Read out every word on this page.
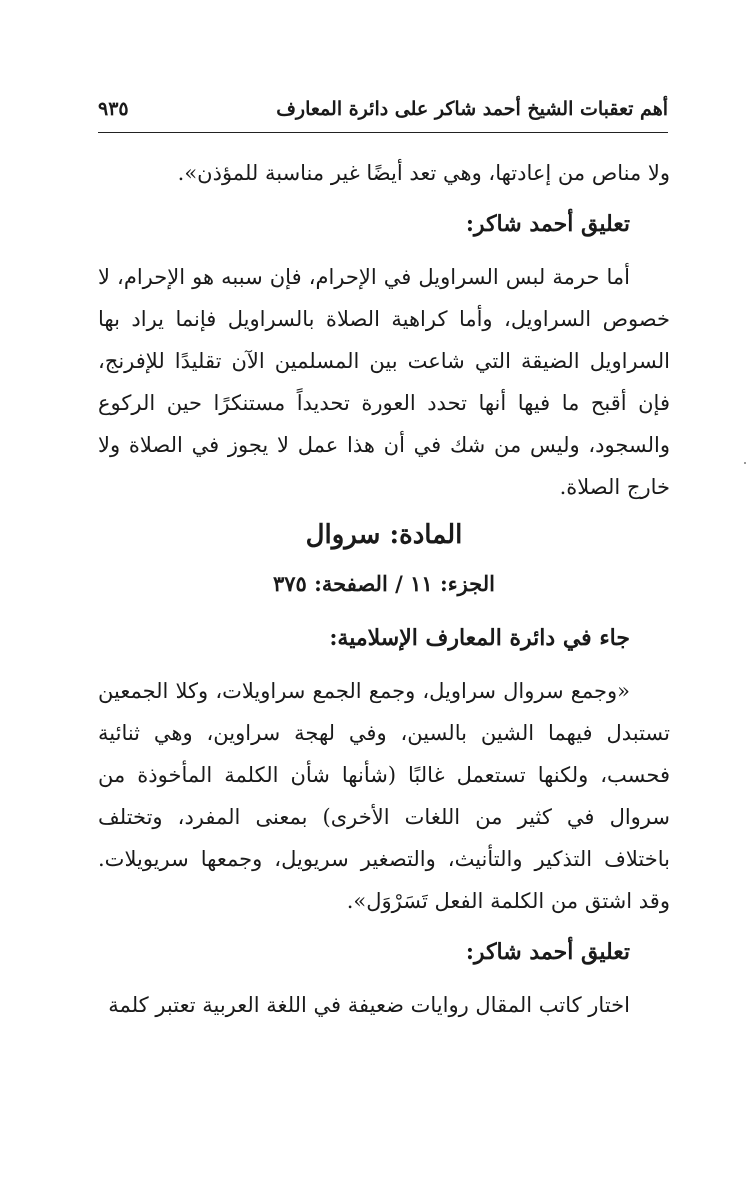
أهم تعقبات الشيخ أحمد شاكر على دائرة المعارف
٩٣٥

ولا مناص من إعادتها، وهي تعد أيضًا غير مناسبة للمؤذن».

تعليق أحمد شاكر:

أما حرمة لبس السراويل في الإحرام، فإن سببه هو الإحرام، لا خصوص السراويل، وأما كراهية الصلاة بالسراويل فإنما يراد بها السراويل الضيقة التي شاعت بين المسلمين الآن تقليدًا للإفرنج، فإن أقبح ما فيها أنها تحدد العورة تحديداً مستنكرًا حين الركوع والسجود، وليس من شك في أن هذا عمل لا يجوز في الصلاة ولا خارج الصلاة.

المادة: سروال
الجزء: ١١ / الصفحة: ٣٧٥
جاء في دائرة المعارف الإسلامية:

«وجمع سروال سراويل، وجمع الجمع سراويلات، وكلا الجمعين تستبدل فيهما الشين بالسين، وفي لهجة سراوين، وهي ثنائية فحسب، ولكنها تستعمل غالبًا (شأنها شأن الكلمة المأخوذة من سروال في كثير من اللغات الأخرى) بمعنى المفرد، وتختلف باختلاف التذكير والتأنيث، والتصغير سريويل، وجمعها سريويلات. وقد اشتق من الكلمة الفعل تَسَرْوَل».

تعليق أحمد شاكر:

اختار كاتب المقال روايات ضعيفة في اللغة العربية تعتبر كلمة
